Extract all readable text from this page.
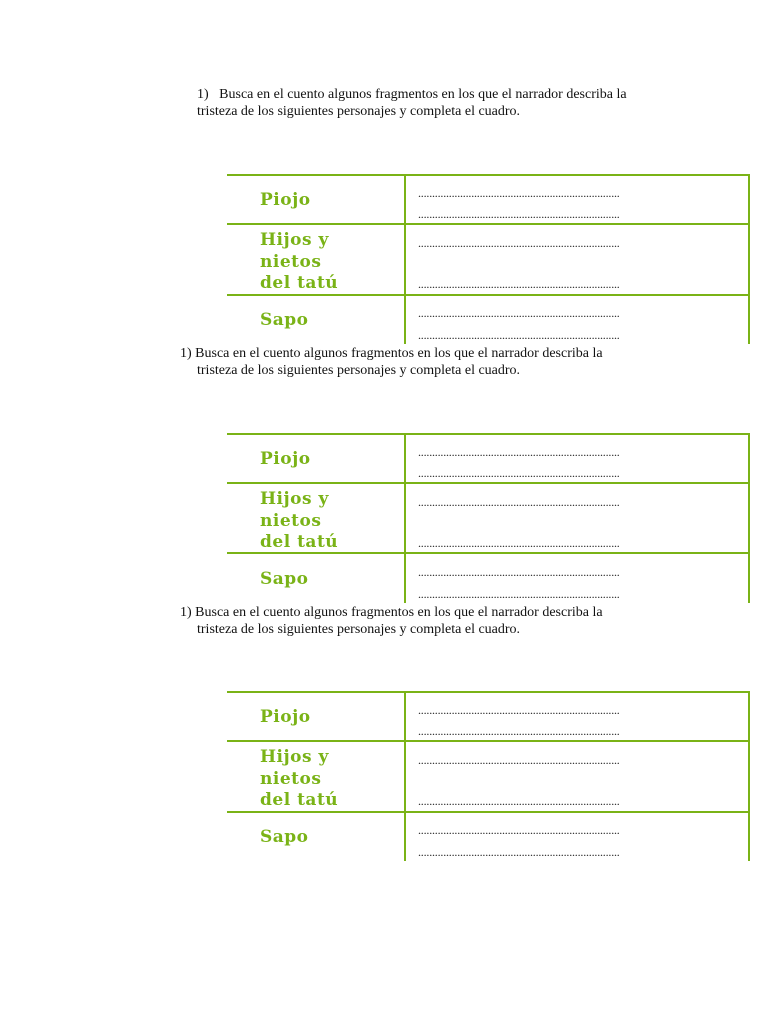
1) Busca en el cuento algunos fragmentos en los que el narrador describa la tristeza de los siguientes personajes y completa el cuadro.
Piojo	........................................................................
........................................................................
Hijos y
nietos
del tatú
........................................................................
........................................................................
Sapo	........................................................................
........................................................................
1) Busca en el cuento algunos fragmentos en los que el narrador describa la tristeza de los siguientes personajes y completa el cuadro.
Piojo	........................................................................
........................................................................
Hijos y
nietos
del tatú
........................................................................
........................................................................
Sapo	........................................................................
........................................................................
1) Busca en el cuento algunos fragmentos en los que el narrador describa la tristeza de los siguientes personajes y completa el cuadro.
Piojo	........................................................................
........................................................................
Hijos y
nietos
del tatú
........................................................................
........................................................................
Sapo	........................................................................
........................................................................
